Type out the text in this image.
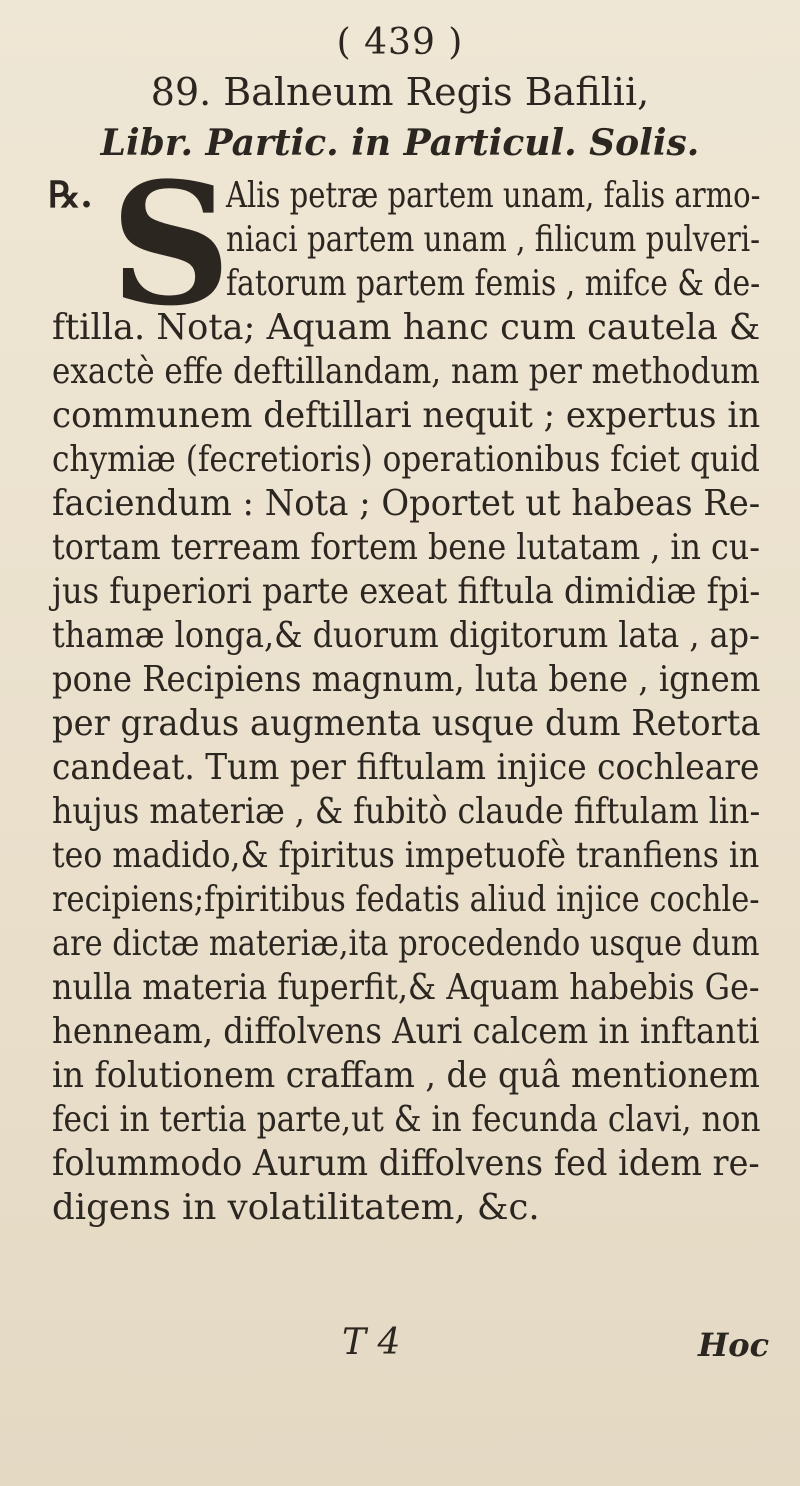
( 439 )
89. Balneum Regis Bafilii,
Libr. Partic. in Particul. Solis.
℞. S
Alis petræ partem unam, falis armo-
niaci partem unam , filicum pulveri-
fatorum partem femis , mifce & de-
ftilla. Nota; Aquam hanc cum cautela &
exactè effe deftillandam, nam per methodum
communem deftillari nequit ; expertus in
chymiæ (fecretioris) operationibus fciet quid
faciendum : Nota ; Oportet ut habeas Re-
tortam terream fortem bene lutatam , in cu-
jus fuperiori parte exeat fiftula dimidiæ fpi-
thamæ longa,& duorum digitorum lata , ap-
pone Recipiens magnum, luta bene , ignem
per gradus augmenta usque dum Retorta
candeat. Tum per fiftulam injice cochleare
hujus materiæ , & fubitò claude fiftulam lin-
teo madido,& fpiritus impetuofè tranfiens in
recipiens;fpiritibus fedatis aliud injice cochle-
are dictæ materiæ,ita procedendo usque dum
nulla materia fuperfit,& Aquam habebis Ge-
henneam, diffolvens Auri calcem in inftanti
in folutionem craffam , de quâ mentionem
feci in tertia parte,ut & in fecunda clavi, non
folummodo Aurum diffolvens fed idem re-
digens in volatilitatem, &c.
T 4	Hoc
